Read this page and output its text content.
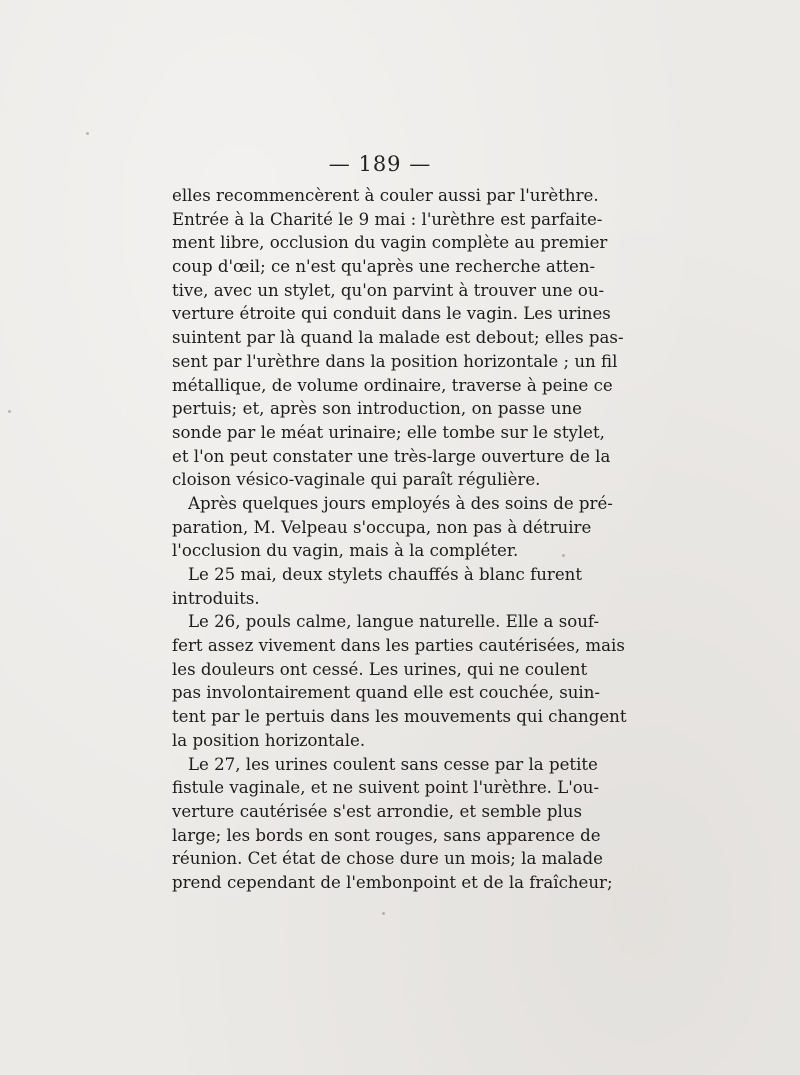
— 189 —
elles recommencèrent à couler aussi par l'urèthre.
Entrée à la Charité le 9 mai : l'urèthre est parfaite-
ment libre, occlusion du vagin complète au premier
coup d'œil; ce n'est qu'après une recherche atten-
tive, avec un stylet, qu'on parvint à trouver une ou-
verture étroite qui conduit dans le vagin. Les urines
suintent par là quand la malade est debout; elles pas-
sent par l'urèthre dans la position horizontale ; un fil
métallique, de volume ordinaire, traverse à peine ce
pertuis; et, après son introduction, on passe une
sonde par le méat urinaire; elle tombe sur le stylet,
et l'on peut constater une très-large ouverture de la
cloison vésico-vaginale qui paraît régulière.
Après quelques jours employés à des soins de pré-
paration, M. Velpeau s'occupa, non pas à détruire
l'occlusion du vagin, mais à la compléter.
Le 25 mai, deux stylets chauffés à blanc furent
introduits.
Le 26, pouls calme, langue naturelle. Elle a souf-
fert assez vivement dans les parties cautérisées, mais
les douleurs ont cessé. Les urines, qui ne coulent
pas involontairement quand elle est couchée, suin-
tent par le pertuis dans les mouvements qui changent
la position horizontale.
Le 27, les urines coulent sans cesse par la petite
fistule vaginale, et ne suivent point l'urèthre. L'ou-
verture cautérisée s'est arrondie, et semble plus
large; les bords en sont rouges, sans apparence de
réunion. Cet état de chose dure un mois; la malade
prend cependant de l'embonpoint et de la fraîcheur;
